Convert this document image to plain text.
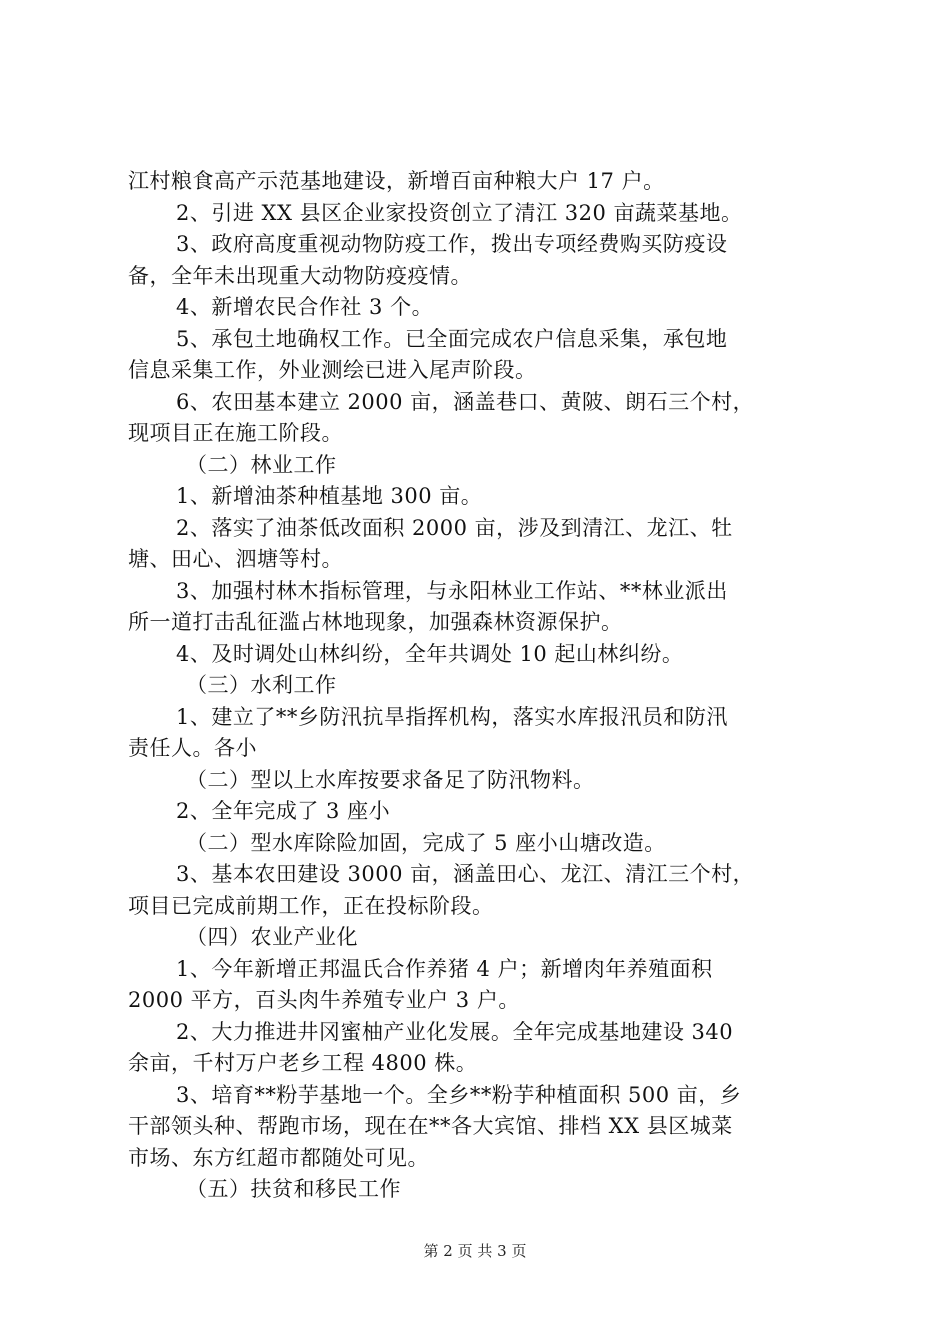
江村粮食高产示范基地建设，新增百亩种粮大户 17 户。
2、引进 XX 县区企业家投资创立了清江 320 亩蔬菜基地。
3、政府高度重视动物防疫工作，拨出专项经费购买防疫设
备，全年未出现重大动物防疫疫情。
4、新增农民合作社 3 个。
5、承包土地确权工作。已全面完成农户信息采集，承包地
信息采集工作，外业测绘已进入尾声阶段。
6、农田基本建立 2000 亩，涵盖巷口、黄陂、朗石三个村，
现项目正在施工阶段。
（二）林业工作
1、新增油茶种植基地 300 亩。
2、落实了油茶低改面积 2000 亩，涉及到清江、龙江、牡
塘、田心、泗塘等村。
3、加强村林木指标管理，与永阳林业工作站、**林业派出
所一道打击乱征滥占林地现象，加强森林资源保护。
4、及时调处山林纠纷，全年共调处 10 起山林纠纷。
（三）水利工作
1、建立了**乡防汛抗旱指挥机构，落实水库报汛员和防汛
责任人。各小
（二）型以上水库按要求备足了防汛物料。
2、全年完成了 3 座小
（二）型水库除险加固，完成了 5 座小山塘改造。
3、基本农田建设 3000 亩，涵盖田心、龙江、清江三个村，
项目已完成前期工作，正在投标阶段。
（四）农业产业化
1、今年新增正邦温氏合作养猪 4 户；新增肉年养殖面积
2000 平方，百头肉牛养殖专业户 3 户。
2、大力推进井冈蜜柚产业化发展。全年完成基地建设 340
余亩，千村万户老乡工程 4800 株。
3、培育**粉芋基地一个。全乡**粉芋种植面积 500 亩，乡
干部领头种、帮跑市场，现在在**各大宾馆、排档 XX 县区城菜
市场、东方红超市都随处可见。
（五）扶贫和移民工作
第 2 页 共 3 页
